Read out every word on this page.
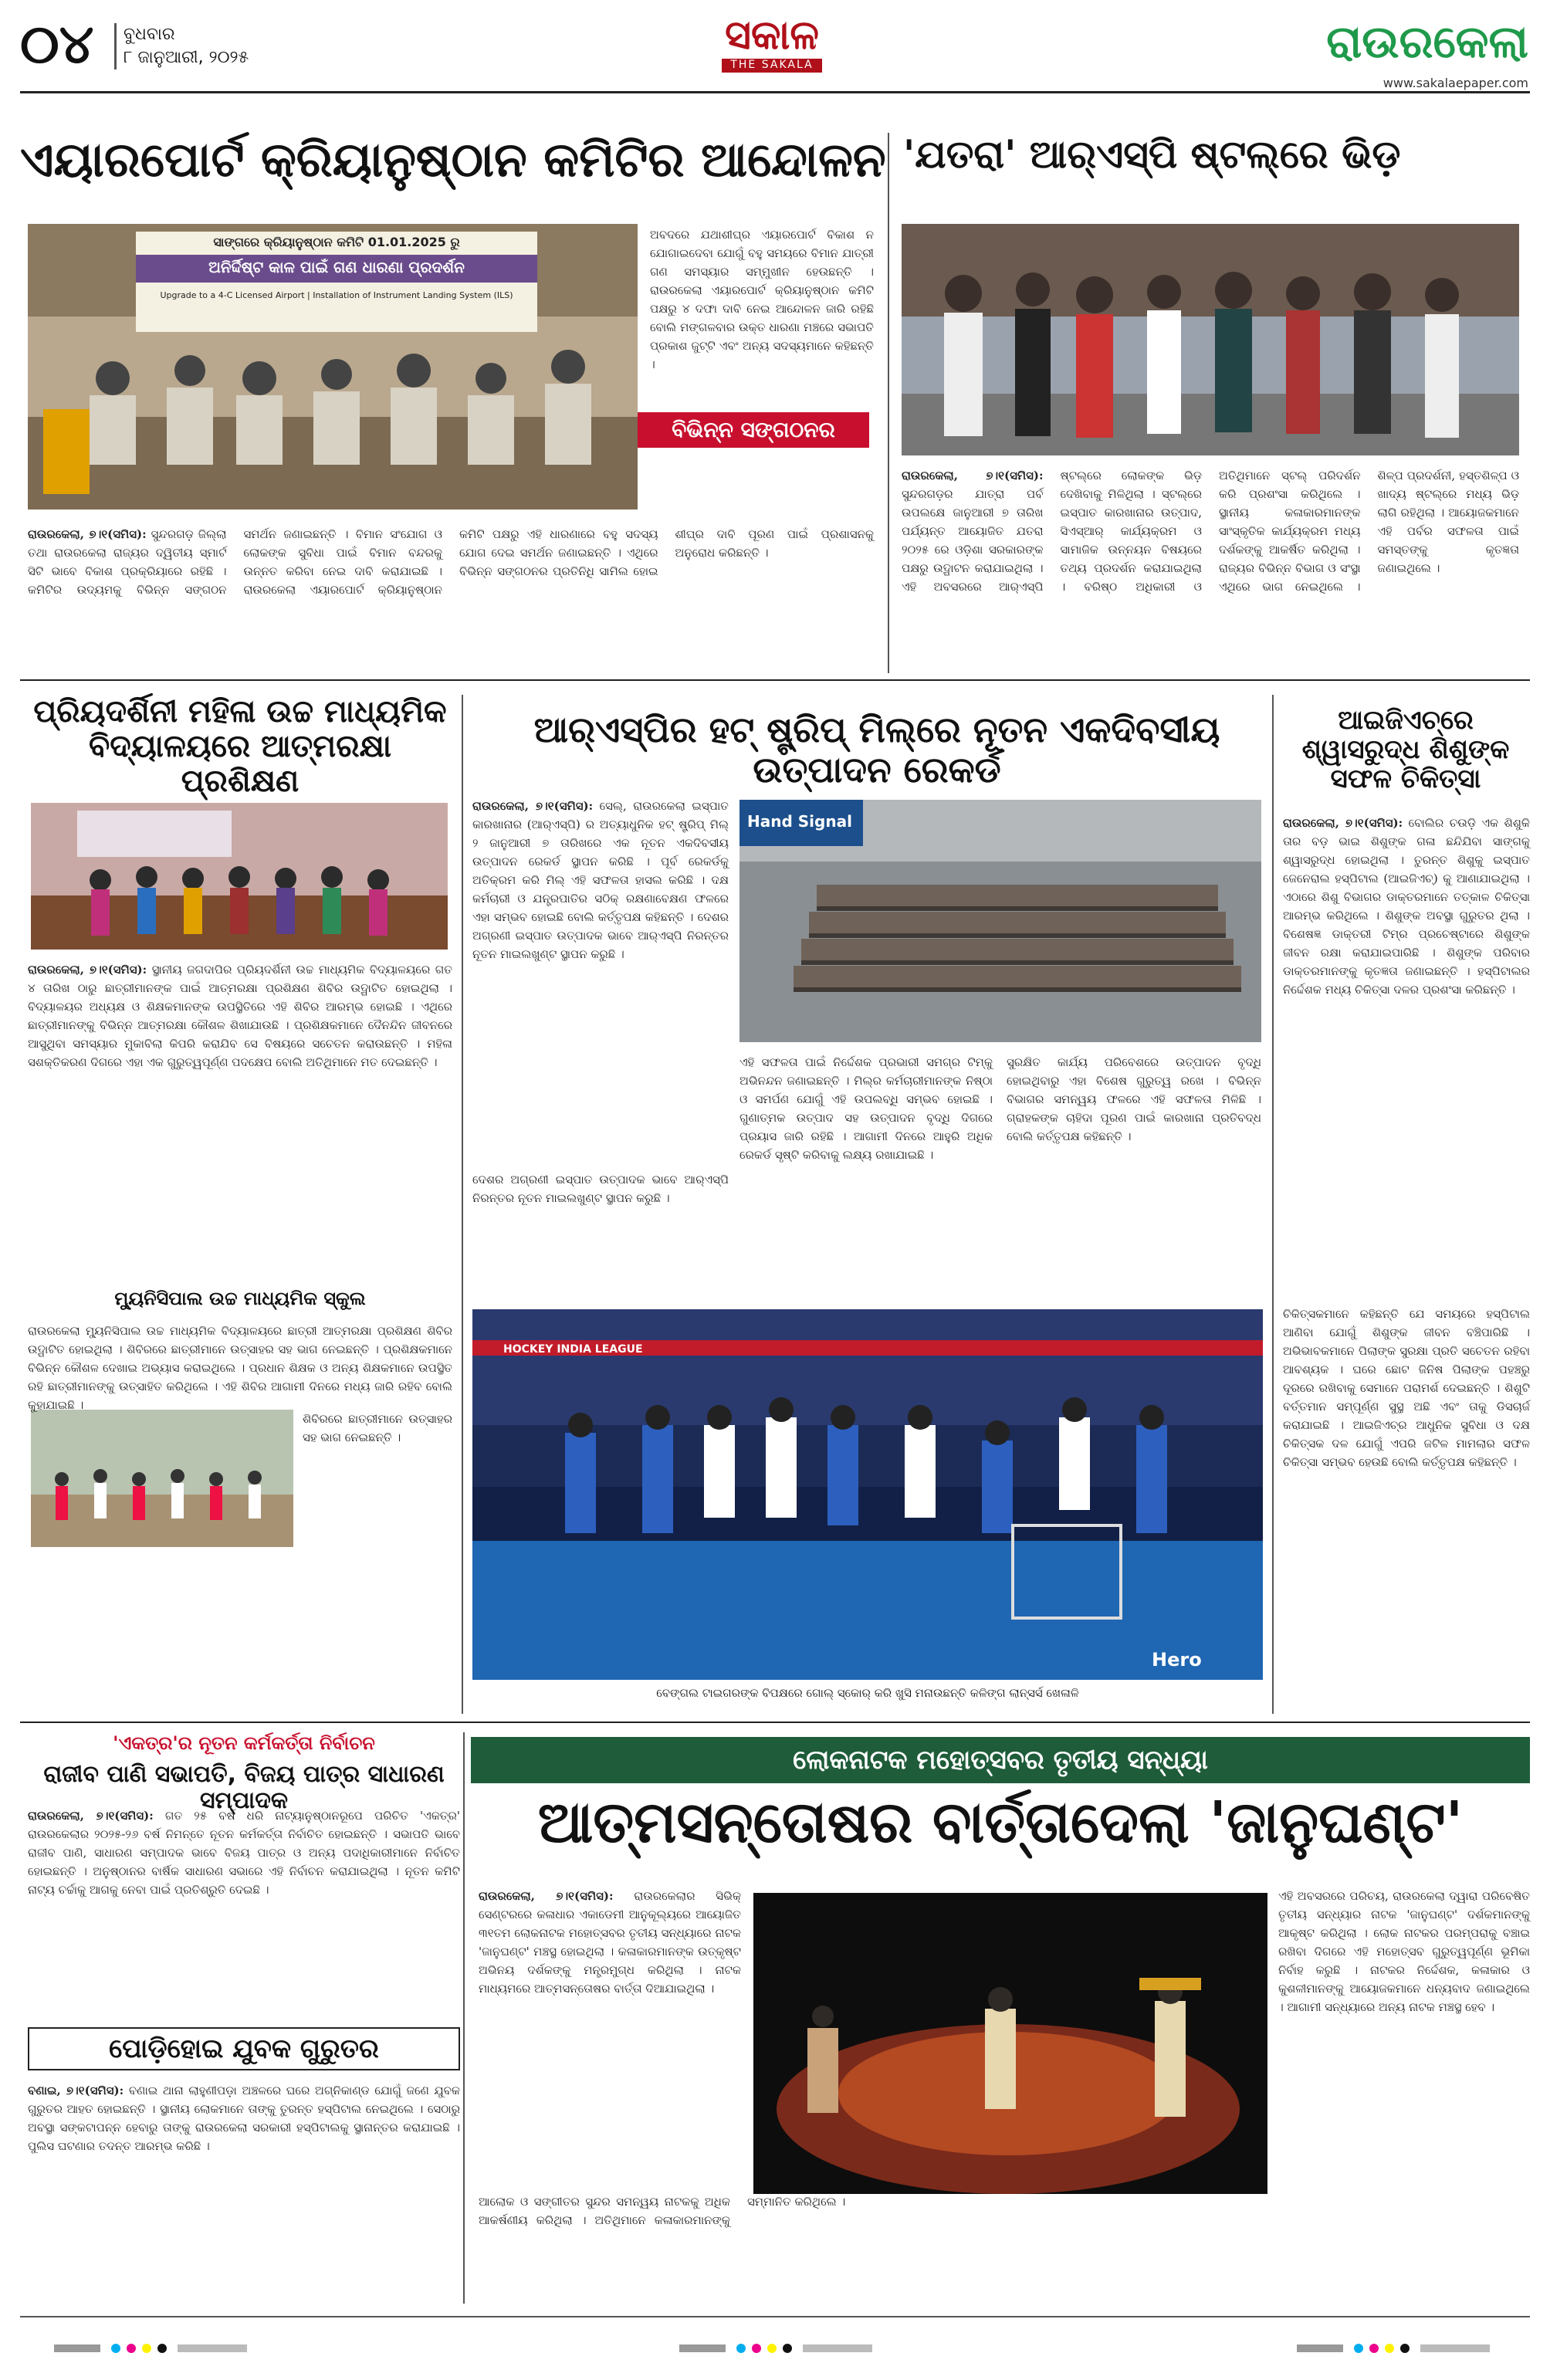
୦୪	ବୁଧବାର
୮ ଜାନୁଆରୀ, ୨୦୨୫	ସକାଳ
THE SAKALA	ରାଉରକେଲା
www.sakalaepaper.com
ଏୟାରପୋର୍ଟ କ୍ରିୟାନୁଷ୍ଠାନ କମିଟିର ଆନ୍ଦୋଳନ
ସାଙ୍ଗରେ କ୍ରିୟାନୁଷ୍ଠାନ କମିଟି 01.01.2025 ରୁ
ଅନିର୍ଦ୍ଦିଷ୍ଟ କାଳ ପାଇଁ ଗଣ ଧାରଣା ପ୍ରଦର୍ଶନ
Upgrade to a 4-C Licensed Airport | Installation of Instrument Landing System (ILS)
ବିଭିନ୍ନ ସଙ୍ଗଠନର ସମର୍ଥନ
ଅବଦରେ ଯଥାଶୀଘ୍ର ଏୟାରପୋର୍ଟ ବିକାଶ ନ ଯୋଗାଇଦେବା ଯୋଗୁଁ ବହୁ ସମୟରେ ବିମାନ ଯାତ୍ରୀ ଗଣ ସମସ୍ୟାର ସମ୍ମୁଖୀନ ହେଉଛନ୍ତି । ରାଉରକେଲା ଏୟାରପୋର୍ଟ କ୍ରିୟାନୁଷ୍ଠାନ କମିଟି ପକ୍ଷରୁ ୪ ଦଫା ଦାବି ନେଇ ଆନ୍ଦୋଳନ ଜାରି ରହିଛି ବୋଲି ମଙ୍ଗଳବାର ଉକ୍ତ ଧାରଣା ମଞ୍ଚରେ ସଭାପତି ପ୍ରକାଶ ଜୁଟ୍ଟି ଏବଂ ଅନ୍ୟ ସଦସ୍ୟମାନେ କହିଛନ୍ତି ।
ରାଉରକେଲା, ୭।୧(ସମିସ): ସୁନ୍ଦରଗଡ଼ ଜିଲ୍ଲା ତଥା ରାଉରକେଲା ରାଜ୍ୟର ଦ୍ୱିତୀୟ ସ୍ମାର୍ଟ ସିଟି ଭାବେ ବିକାଶ ପ୍ରକ୍ରିୟାରେ ରହିଛି । କମିଟିର ଉଦ୍ୟମକୁ ବିଭିନ୍ନ ସଙ୍ଗଠନ ସମର୍ଥନ ଜଣାଇଛନ୍ତି । ବିମାନ ସଂଯୋଗ ଓ ଲୋକଙ୍କ ସୁବିଧା ପାଇଁ ବିମାନ ବନ୍ଦରକୁ ଉନ୍ନତ କରିବା ନେଇ ଦାବି କରାଯାଇଛି । ରାଉରକେଲା ଏୟାରପୋର୍ଟ କ୍ରିୟାନୁଷ୍ଠାନ କମିଟି ପକ୍ଷରୁ ଏହି ଧାରଣାରେ ବହୁ ସଦସ୍ୟ ଯୋଗ ଦେଇ ସମର୍ଥନ ଜଣାଇଛନ୍ତି । ଏଥିରେ ବିଭିନ୍ନ ସଙ୍ଗଠନର ପ୍ରତିନିଧି ସାମିଲ ହୋଇ ଶୀଘ୍ର ଦାବି ପୂରଣ ପାଇଁ ପ୍ରଶାସନକୁ ଅନୁରୋଧ କରିଛନ୍ତି ।
'ଯତରା' ଆର୍‌ଏସ୍‌ପି ଷ୍ଟଲ୍‌ରେ ଭିଡ଼
ରାଉରକେଲା, ୭।୧(ସମିସ): ସୁନ୍ଦରଗଡ଼ର ଯାତ୍ରା ପର୍ବ ଉପଲକ୍ଷେ ଜାନୁଆରୀ ୭ ତାରିଖ ପର୍ଯ୍ୟନ୍ତ ଆୟୋଜିତ ଯତରା ୨୦୨୫ ରେ ଓଡ଼ିଶା ସରକାରଙ୍କ ପକ୍ଷରୁ ଉଦ୍ଘାଟନ କରାଯାଇଥିଲା । ଏହି ଅବସରରେ ଆର୍‌ଏସ୍‌ପି ଷ୍ଟଲ୍‌ରେ ଲୋକଙ୍କ ଭିଡ଼ ଦେଖିବାକୁ ମିଳିଥିଲା । ସ୍ଟଲ୍‌ରେ ଇସ୍ପାତ କାରଖାନାର ଉତ୍ପାଦ, ସିଏସ୍‌ଆର୍ କାର୍ଯ୍ୟକ୍ରମ ଓ ସାମାଜିକ ଉନ୍ନୟନ ବିଷୟରେ ତଥ୍ୟ ପ୍ରଦର୍ଶନ କରାଯାଇଥିଲା । ବରିଷ୍ଠ ଅଧିକାରୀ ଓ ଅତିଥିମାନେ ସ୍ଟଲ୍ ପରିଦର୍ଶନ କରି ପ୍ରଶଂସା କରିଥିଲେ । ସ୍ଥାନୀୟ କଳାକାରମାନଙ୍କ ସାଂସ୍କୃତିକ କାର୍ଯ୍ୟକ୍ରମ ମଧ୍ୟ ଦର୍ଶକଙ୍କୁ ଆକର୍ଷିତ କରିଥିଲା । ରାଜ୍ୟର ବିଭିନ୍ନ ବିଭାଗ ଓ ସଂସ୍ଥା ଏଥିରେ ଭାଗ ନେଇଥିଲେ । ଶିଳ୍ପ ପ୍ରଦର୍ଶନୀ, ହସ୍ତଶିଳ୍ପ ଓ ଖାଦ୍ୟ ଷ୍ଟଲ୍‌ରେ ମଧ୍ୟ ଭିଡ଼ ଲାଗି ରହିଥିଲା । ଆୟୋଜକମାନେ ଏହି ପର୍ବର ସଫଳତା ପାଇଁ ସମସ୍ତଙ୍କୁ କୃତଜ୍ଞତା ଜଣାଇଥିଲେ ।
ପ୍ରିୟଦର୍ଶିନୀ ମହିଳା ଉଚ୍ଚ ମାଧ୍ୟମିକ ବିଦ୍ୟାଳୟରେ ଆତ୍ମରକ୍ଷା ପ୍ରଶିକ୍ଷଣ
ରାଉରକେଲା, ୭।୧(ସମିସ): ସ୍ଥାନୀୟ ଜଗଦାପିର ପ୍ରିୟଦର୍ଶିନୀ ଉଚ୍ଚ ମାଧ୍ୟମିକ ବିଦ୍ୟାଳୟରେ ଗତ ୪ ତାରିଖ ଠାରୁ ଛାତ୍ରୀମାନଙ୍କ ପାଇଁ ଆତ୍ମରକ୍ଷା ପ୍ରଶିକ୍ଷଣ ଶିବିର ଉଦ୍ଘାଟିତ ହୋଇଥିଲା । ବିଦ୍ୟାଳୟର ଅଧ୍ୟକ୍ଷ ଓ ଶିକ୍ଷକମାନଙ୍କ ଉପସ୍ଥିତିରେ ଏହି ଶିବିର ଆରମ୍ଭ ହୋଇଛି । ଏଥିରେ ଛାତ୍ରୀମାନଙ୍କୁ ବିଭିନ୍ନ ଆତ୍ମରକ୍ଷା କୌଶଳ ଶିଖାଯାଉଛି । ପ୍ରଶିକ୍ଷକମାନେ ଦୈନନ୍ଦିନ ଜୀବନରେ ଆସୁଥିବା ସମସ୍ୟାର ମୁକାବିଲା କିପରି କରାଯିବ ସେ ବିଷୟରେ ସଚେତନ କରାଉଛନ୍ତି । ମହିଳା ସଶକ୍ତିକରଣ ଦିଗରେ ଏହା ଏକ ଗୁରୁତ୍ୱପୂର୍ଣ୍ଣ ପଦକ୍ଷେପ ବୋଲି ଅତିଥିମାନେ ମତ ଦେଇଛନ୍ତି ।
ମ୍ୟୁନିସିପାଲ ଉଚ୍ଚ ମାଧ୍ୟମିକ ସ୍କୁଲ
ରାଉରକେଲା ମ୍ୟୁନିସିପାଲ ଉଚ୍ଚ ମାଧ୍ୟମିକ ବିଦ୍ୟାଳୟରେ ଛାତ୍ରୀ ଆତ୍ମରକ୍ଷା ପ୍ରଶିକ୍ଷଣ ଶିବିର ଉଦ୍ଘାଟିତ ହୋଇଥିଲା । ଶିବିରରେ ଛାତ୍ରୀମାନେ ଉତ୍ସାହର ସହ ଭାଗ ନେଇଛନ୍ତି । ପ୍ରଶିକ୍ଷକମାନେ ବିଭିନ୍ନ କୌଶଳ ଦେଖାଇ ଅଭ୍ୟାସ କରାଇଥିଲେ । ପ୍ରଧାନ ଶିକ୍ଷକ ଓ ଅନ୍ୟ ଶିକ୍ଷକମାନେ ଉପସ୍ଥିତ ରହି ଛାତ୍ରୀମାନଙ୍କୁ ଉତ୍ସାହିତ କରିଥିଲେ । ଏହି ଶିବିର ଆଗାମୀ ଦିନରେ ମଧ୍ୟ ଜାରି ରହିବ ବୋଲି କୁହାଯାଇଛି ।
ଶିବିରରେ ଛାତ୍ରୀମାନେ ଉତ୍ସାହର ସହ ଭାଗ ନେଇଛନ୍ତି ।
ଆର୍‌ଏସ୍‌ପିର ହଟ୍ ଷ୍ଟ୍ରିପ୍ ମିଲ୍‌ରେ ନୂତନ ଏକଦିବସୀୟ ଉତ୍ପାଦନ ରେକର୍ଡ
ରାଉରକେଲା, ୭।୧(ସମିସ): ସେଲ୍, ରାଉରକେଲା ଇସ୍ପାତ କାରଖାନାର (ଆର୍‌ଏସ୍‌ପି) ର ଅତ୍ୟାଧୁନିକ ହଟ୍ ଷ୍ଟ୍ରିପ୍ ମିଲ୍ ୨ ଜାନୁଆରୀ ୭ ତାରିଖରେ ଏକ ନୂତନ ଏକଦିବସୀୟ ଉତ୍ପାଦନ ରେକର୍ଡ ସ୍ଥାପନ କରିଛି । ପୂର୍ବ ରେକର୍ଡକୁ ଅତିକ୍ରମ କରି ମିଲ୍ ଏହି ସଫଳତା ହାସଲ କରିଛି । ଦକ୍ଷ କର୍ମଚାରୀ ଓ ଯନ୍ତ୍ରପାତିର ସଠିକ୍ ରକ୍ଷଣାବେକ୍ଷଣ ଫଳରେ ଏହା ସମ୍ଭବ ହୋଇଛି ବୋଲି କର୍ତ୍ତୃପକ୍ଷ କହିଛନ୍ତି । ଦେଶର ଅଗ୍ରଣୀ ଇସ୍ପାତ ଉତ୍ପାଦକ ଭାବେ ଆର୍‌ଏସ୍‌ପି ନିରନ୍ତର ନୂତନ ମାଇଲଖୁଣ୍ଟ ସ୍ଥାପନ କରୁଛି ।
Hand Signal
ଏହି ସଫଳତା ପାଇଁ ନିର୍ଦ୍ଦେଶକ ପ୍ରଭାରୀ ସମଗ୍ର ଟିମ୍‌କୁ ଅଭିନନ୍ଦନ ଜଣାଇଛନ୍ତି । ମିଲ୍‌ର କର୍ମଚାରୀମାନଙ୍କ ନିଷ୍ଠା ଓ ସମର୍ପଣ ଯୋଗୁଁ ଏହି ଉପଲବ୍ଧି ସମ୍ଭବ ହୋଇଛି । ଗୁଣାତ୍ମକ ଉତ୍ପାଦ ସହ ଉତ୍ପାଦନ ବୃଦ୍ଧି ଦିଗରେ ପ୍ରୟାସ ଜାରି ରହିଛି । ଆଗାମୀ ଦିନରେ ଆହୁରି ଅଧିକ ରେକର୍ଡ ସୃଷ୍ଟି କରିବାକୁ ଲକ୍ଷ୍ୟ ରଖାଯାଇଛି ।
ସୁରକ୍ଷିତ କାର୍ଯ୍ୟ ପରିବେଶରେ ଉତ୍ପାଦନ ବୃଦ୍ଧି ହୋଇଥିବାରୁ ଏହା ବିଶେଷ ଗୁରୁତ୍ୱ ରଖେ । ବିଭିନ୍ନ ବିଭାଗର ସମନ୍ୱୟ ଫଳରେ ଏହି ସଫଳତା ମିଳିଛି । ଗ୍ରାହକଙ୍କ ଚାହିଦା ପୂରଣ ପାଇଁ କାରଖାନା ପ୍ରତିବଦ୍ଧ ବୋଲି କର୍ତ୍ତୃପକ୍ଷ କହିଛନ୍ତି ।
ଦେଶର ଅଗ୍ରଣୀ ଇସ୍ପାତ ଉତ୍ପାଦକ ଭାବେ ଆର୍‌ଏସ୍‌ପି ନିରନ୍ତର ନୂତନ ମାଇଲଖୁଣ୍ଟ ସ୍ଥାପନ କରୁଛି ।
HOCKEY INDIA LEAGUE
Hero
ବେଙ୍ଗଲ ଟାଇଗରଙ୍କ ବିପକ୍ଷରେ ଗୋଲ୍ ସ୍କୋର୍ କରି ଖୁସି ମନାଉଛନ୍ତି କଳିଙ୍ଗ ଲାନ୍ସର୍ସ ଖେଳାଳି
ଆଇଜିଏଚ୍‌ରେ ଶ୍ୱାସରୁଦ୍ଧ ଶିଶୁଙ୍କ ସଫଳ ଚିକିତ୍ସା
ରାଉରକେଲା, ୭।୧(ସମିସ): ବୋଲିର ଚଉଡ଼ି ଏକ ଶିଶୁକି ତାର ବଡ଼ ଭାଇ ଶିଶୁଙ୍କ ଗଳା ଛନ୍ଦିଯିବା ସାଙ୍ଗକୁ ଶ୍ୱାସରୁଦ୍ଧ ହୋଇଥିଲା । ତୁରନ୍ତ ଶିଶୁକୁ ଇସ୍ପାତ ଜେନେରାଲ ହସ୍ପିଟାଲ (ଆଇଜିଏଚ୍) କୁ ଆଣାଯାଇଥିଲା । ଏଠାରେ ଶିଶୁ ବିଭାଗର ଡାକ୍ତରମାନେ ତତ୍କାଳ ଚିକିତ୍ସା ଆରମ୍ଭ କରିଥିଲେ । ଶିଶୁଙ୍କ ଅବସ୍ଥା ଗୁରୁତର ଥିଲା । ବିଶେଷଜ୍ଞ ଡାକ୍ତରୀ ଟିମ୍‌ର ପ୍ରଚେଷ୍ଟାରେ ଶିଶୁଙ୍କ ଜୀବନ ରକ୍ଷା କରାଯାଇପାରିଛି । ଶିଶୁଙ୍କ ପରିବାର ଡାକ୍ତରମାନଙ୍କୁ କୃତଜ୍ଞତା ଜଣାଇଛନ୍ତି । ହସ୍ପିଟାଲର ନିର୍ଦ୍ଦେଶକ ମଧ୍ୟ ଚିକିତ୍ସା ଦଳର ପ୍ରଶଂସା କରିଛନ୍ତି ।
ଚିକିତ୍ସକମାନେ କହିଛନ୍ତି ଯେ ସମୟରେ ହସ୍ପିଟାଲ ଆଣିବା ଯୋଗୁଁ ଶିଶୁଙ୍କ ଜୀବନ ବଞ୍ଚିପାରିଛି । ଅଭିଭାବକମାନେ ପିଲାଙ୍କ ସୁରକ୍ଷା ପ୍ରତି ସଚେତନ ରହିବା ଆବଶ୍ୟକ । ଘରେ ଛୋଟ ଜିନିଷ ପିଲାଙ୍କ ପହଞ୍ଚରୁ ଦୂରରେ ରଖିବାକୁ ସେମାନେ ପରାମର୍ଶ ଦେଇଛନ୍ତି । ଶିଶୁଟି ବର୍ତ୍ତମାନ ସମ୍ପୂର୍ଣ୍ଣ ସୁସ୍ଥ ଅଛି ଏବଂ ତାକୁ ଡିସଚାର୍ଜ କରାଯାଇଛି । ଆଇଜିଏଚ୍‌ର ଆଧୁନିକ ସୁବିଧା ଓ ଦକ୍ଷ ଚିକିତ୍ସକ ଦଳ ଯୋଗୁଁ ଏପରି ଜଟିଳ ମାମଲାର ସଫଳ ଚିକିତ୍ସା ସମ୍ଭବ ହେଉଛି ବୋଲି କର୍ତ୍ତୃପକ୍ଷ କହିଛନ୍ତି ।
'ଏକତ୍ର'ର ନୂତନ କର୍ମକର୍ତ୍ତା ନିର୍ବାଚନ
ରାଜୀବ ପାଣି ସଭାପତି, ବିଜୟ ପାତ୍ର ସାଧାରଣ ସମ୍ପାଦକ
ରାଉରକେଲା, ୭।୧(ସମିସ): ଗତ ୨୫ ବର୍ଷ ଧରି ନାଟ୍ୟାନୁଷ୍ଠାନରୂପେ ପରିଚିତ 'ଏକତ୍ର' ରାଉରକେଲାର ୨୦୨୫-୨୬ ବର୍ଷ ନିମନ୍ତେ ନୂତନ କର୍ମକର୍ତ୍ତା ନିର୍ବାଚିତ ହୋଇଛନ୍ତି । ସଭାପତି ଭାବେ ରାଜୀବ ପାଣି, ସାଧାରଣ ସମ୍ପାଦକ ଭାବେ ବିଜୟ ପାତ୍ର ଓ ଅନ୍ୟ ପଦାଧିକାରୀମାନେ ନିର୍ବାଚିତ ହୋଇଛନ୍ତି । ଅନୁଷ୍ଠାନର ବାର୍ଷିକ ସାଧାରଣ ସଭାରେ ଏହି ନିର୍ବାଚନ କରାଯାଇଥିଲା । ନୂତନ କମିଟି ନାଟ୍ୟ ଚର୍ଚ୍ଚାକୁ ଆଗକୁ ନେବା ପାଇଁ ପ୍ରତିଶ୍ରୁତି ଦେଇଛି ।
ପୋଡ଼ିହୋଇ ଯୁବକ ଗୁରୁତର
ବଣାଇ, ୭।୧(ସମିସ): ବଣାଇ ଥାନା ଲାହୁଣୀପଡ଼ା ଅଞ୍ଚଳରେ ଘରେ ଅଗ୍ନିକାଣ୍ଡ ଯୋଗୁଁ ଜଣେ ଯୁବକ ଗୁରୁତର ଆହତ ହୋଇଛନ୍ତି । ସ୍ଥାନୀୟ ଲୋକମାନେ ତାଙ୍କୁ ତୁରନ୍ତ ହସ୍ପିଟାଲ ନେଇଥିଲେ । ସେଠାରୁ ଅବସ୍ଥା ସଙ୍କଟାପନ୍ନ ହେବାରୁ ତାଙ୍କୁ ରାଉରକେଲା ସରକାରୀ ହସ୍ପିଟାଲକୁ ସ୍ଥାନାନ୍ତର କରାଯାଇଛି । ପୁଲିସ ଘଟଣାର ତଦନ୍ତ ଆରମ୍ଭ କରିଛି ।
ଲୋକନାଟକ ମହୋତ୍ସବର ତୃତୀୟ ସନ୍ଧ୍ୟା
ଆତ୍ମସନ୍ତୋଷର ବାର୍ତ୍ତାଦେଲା 'ଜାନୁଘଣ୍ଟ'
ରାଉରକେଲା, ୭।୧(ସମିସ): ରାଉରକେଲାର ସିଭିକ୍ ସେଣ୍ଟରରେ କଳାଧାର ଏକାଡେମୀ ଆନୁକୂଲ୍ୟରେ ଆୟୋଜିତ ୩୧ତମ ଲୋକନାଟକ ମହୋତ୍ସବର ତୃତୀୟ ସନ୍ଧ୍ୟାରେ ନାଟକ 'ଜାନୁଘଣ୍ଟ' ମଞ୍ଚସ୍ଥ ହୋଇଥିଲା । କଳାକାରମାନଙ୍କ ଉତ୍କୃଷ୍ଟ ଅଭିନୟ ଦର୍ଶକଙ୍କୁ ମନ୍ତ୍ରମୁଗ୍ଧ କରିଥିଲା । ନାଟକ ମାଧ୍ୟମରେ ଆତ୍ମସନ୍ତୋଷର ବାର୍ତ୍ତା ଦିଆଯାଇଥିଲା ।
ଆଲୋକ ଓ ସଙ୍ଗୀତର ସୁନ୍ଦର ସମନ୍ୱୟ ନାଟକକୁ ଅଧିକ ଆକର୍ଷଣୀୟ କରିଥିଲା । ଅତିଥିମାନେ କଳାକାରମାନଙ୍କୁ ସମ୍ମାନିତ କରିଥିଲେ ।
ଏହି ଅବସରରେ ପରିଚୟ, ରାଉରକେଲା ଦ୍ୱାରା ପରିବେଷିତ ତୃତୀୟ ସନ୍ଧ୍ୟାର ନାଟକ 'ଜାନୁଘଣ୍ଟ' ଦର୍ଶକମାନଙ୍କୁ ଆକୃଷ୍ଟ କରିଥିଲା । ଲୋକ ନାଟକର ପରମ୍ପରାକୁ ବଞ୍ଚାଇ ରଖିବା ଦିଗରେ ଏହି ମହୋତ୍ସବ ଗୁରୁତ୍ୱପୂର୍ଣ୍ଣ ଭୂମିକା ନିର୍ବାହ କରୁଛି । ନାଟକର ନିର୍ଦ୍ଦେଶକ, କଳାକାର ଓ କୁଶଳୀମାନଙ୍କୁ ଆୟୋଜକମାନେ ଧନ୍ୟବାଦ ଜଣାଇଥିଲେ । ଆଗାମୀ ସନ୍ଧ୍ୟାରେ ଅନ୍ୟ ନାଟକ ମଞ୍ଚସ୍ଥ ହେବ ।
